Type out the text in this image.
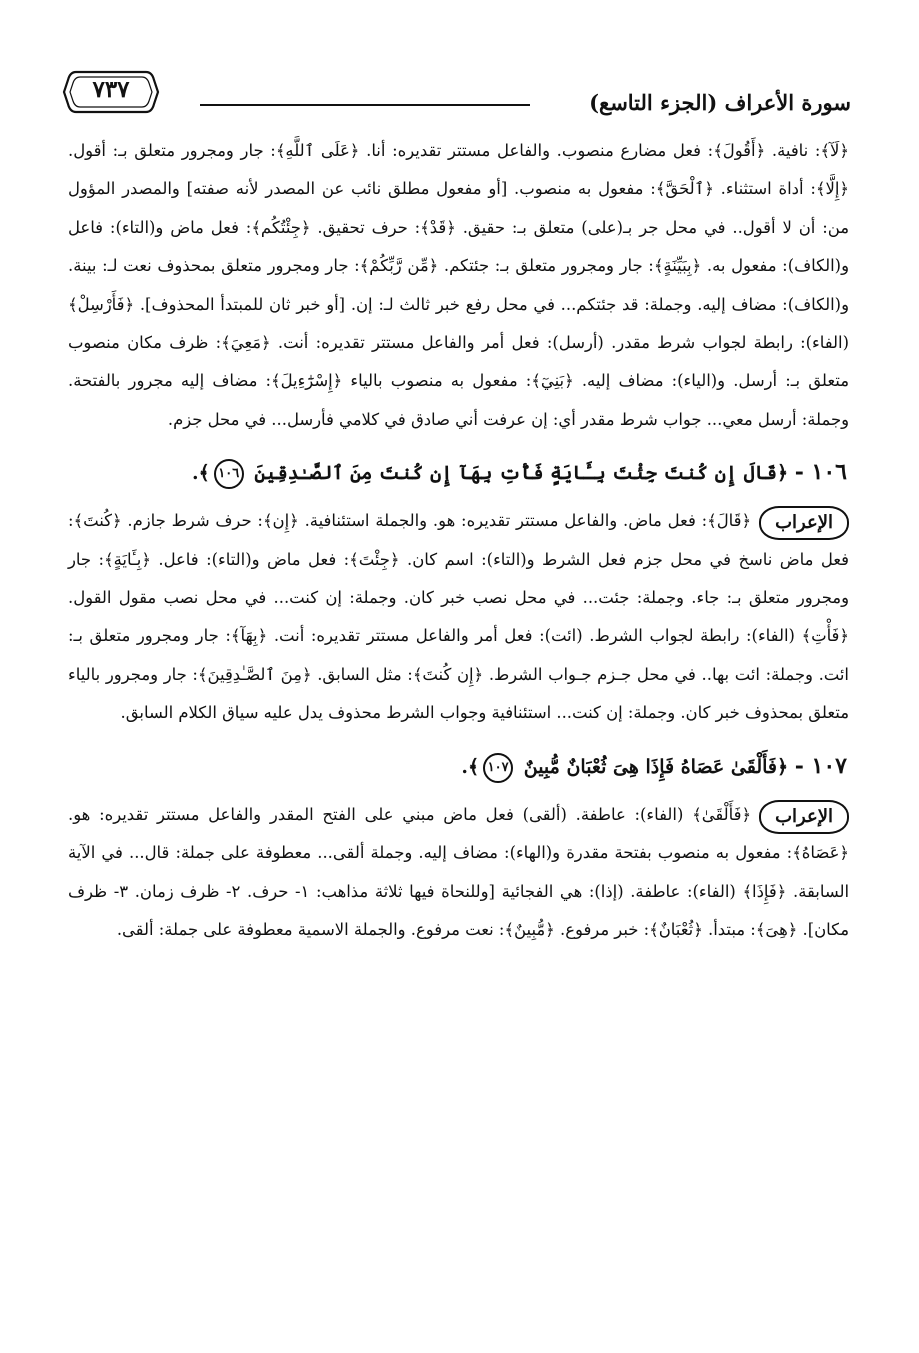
سورة الأعراف (الجزء التاسع)
٧٣٧

﴿لَآ﴾: نافية. ﴿أَقُولَ﴾: فعل مضارع منصوب. والفاعل مستتر تقديره: أنا. ﴿عَلَى ٱللَّهِ﴾: جار ومجرور متعلق بـ: أقول. ﴿إِلَّا﴾: أداة استثناء. ﴿ٱلْحَقَّ﴾: مفعول به منصوب. [أو مفعول مطلق نائب عن المصدر لأنه صفته] والمصدر المؤول من: أن لا أقول.. في محل جر بـ(على) متعلق بـ: حقيق. ﴿قَدْ﴾: حرف تحقيق. ﴿جِئْتُكُم﴾: فعل ماض و(التاء): فاعل و(الكاف): مفعول به. ﴿بِبَيِّنَةٍ﴾: جار ومجرور متعلق بـ: جئتكم. ﴿مِّن رَّبِّكُمْ﴾: جار ومجرور متعلق بمحذوف نعت لـ: بينة. و(الكاف): مضاف إليه. وجملة: قد جئتكم... في محل رفع خبر ثالث لـ: إن. [أو خبر ثان للمبتدأ المحذوف]. ﴿فَأَرْسِلْ﴾ (الفاء): رابطة لجواب شرط مقدر. (أرسل): فعل أمر والفاعل مستتر تقديره: أنت. ﴿مَعِيَ﴾: ظرف مكان منصوب متعلق بـ: أرسل. و(الياء): مضاف إليه. ﴿بَنِيٓ﴾: مفعول به منصوب بالياء ﴿إِسْرَٰٓءِيلَ﴾: مضاف إليه مجرور بالفتحة. وجملة: أرسل معي... جواب شرط مقدر أي: إن عرفت أني صادق في كلامي فأرسل... في محل جزم.

١٠٦ - ﴿قَالَ إِن كُنتَ جِئْتَ بِـَٔايَةٍ فَأْتِ بِهَآ إِن كُنتَ مِنَ ٱلصَّـٰدِقِينَ ١٠٦﴾.
الإعراب

﴿قَالَ﴾: فعل ماض. والفاعل مستتر تقديره: هو. والجملة استئنافية. ﴿إِن﴾: حرف شرط جازم. ﴿كُنتَ﴾: فعل ماض ناسخ في محل جزم فعل الشرط و(التاء): اسم كان. ﴿جِئْتَ﴾: فعل ماض و(التاء): فاعل. ﴿بِـَٔايَةٍ﴾: جار ومجرور متعلق بـ: جاء. وجملة: جئت... في محل نصب خبر كان. وجملة: إن كنت... في محل نصب مقول القول. ﴿فَأْتِ﴾ (الفاء): رابطة لجواب الشرط. (ائت): فعل أمر والفاعل مستتر تقديره: أنت. ﴿بِهَآ﴾: جار ومجرور متعلق بـ: ائت. وجملة: ائت بها.. في محل جـزم جـواب الشرط. ﴿إِن كُنتَ﴾: مثل السابق. ﴿مِنَ ٱلصَّـٰدِقِينَ﴾: جار ومجرور بالياء متعلق بمحذوف خبر كان. وجملة: إن كنت... استئنافية وجواب الشرط محذوف يدل عليه سياق الكلام السابق.

١٠٧ - ﴿فَأَلْقَىٰ عَصَاهُ فَإِذَا هِىَ ثُعْبَانٌ مُّبِينٌ ١٠٧﴾.
الإعراب

﴿فَأَلْقَىٰ﴾ (الفاء): عاطفة. (ألقى) فعل ماض مبني على الفتح المقدر والفاعل مستتر تقديره: هو. ﴿عَصَاهُ﴾: مفعول به منصوب بفتحة مقدرة و(الهاء): مضاف إليه. وجملة ألقى... معطوفة على جملة: قال... في الآية السابقة. ﴿فَإِذَا﴾ (الفاء): عاطفة. (إذا): هي الفجائية [وللنحاة فيها ثلاثة مذاهب: ١- حرف. ٢- ظرف زمان. ٣- ظرف مكان]. ﴿هِىَ﴾: مبتدأ. ﴿ثُعْبَانٌ﴾: خبر مرفوع. ﴿مُّبِينٌ﴾: نعت مرفوع. والجملة الاسمية معطوفة على جملة: ألقى.
